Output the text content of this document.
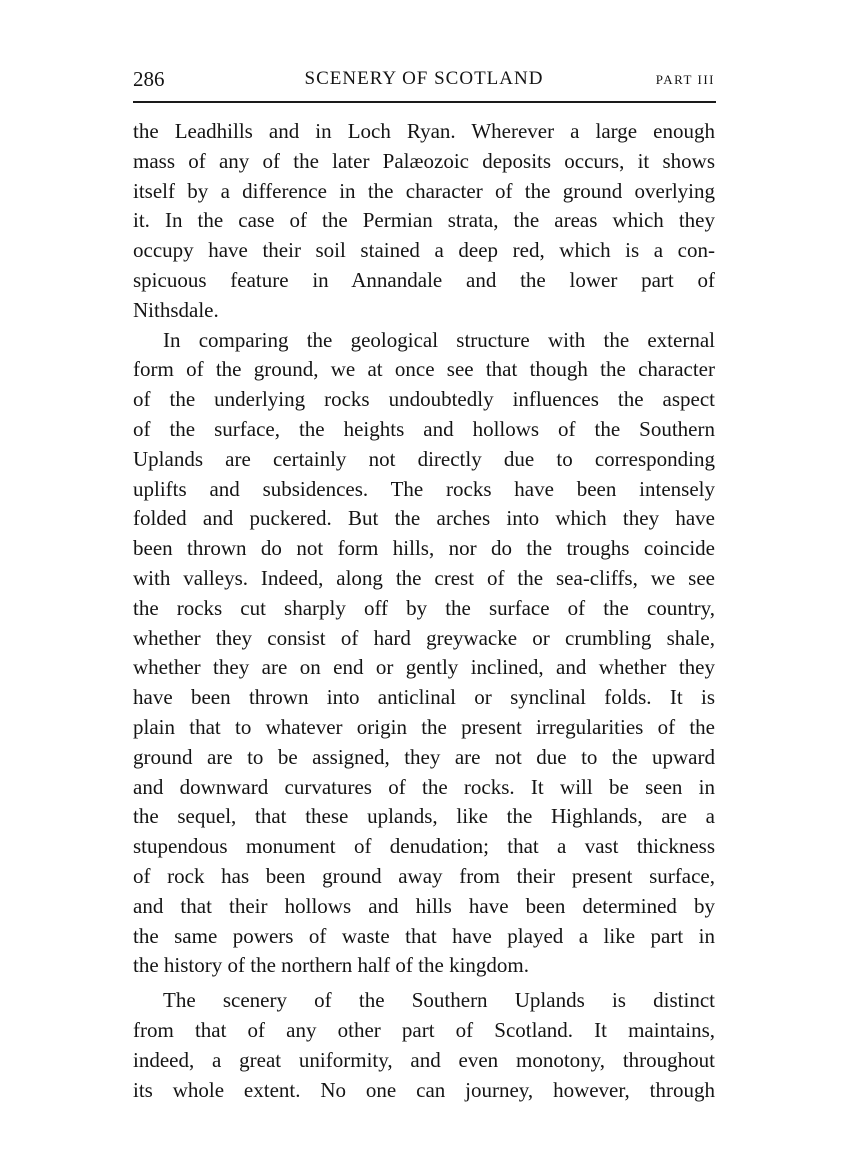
286	SCENERY OF SCOTLAND	PART III
the Leadhills and in Loch Ryan. Wherever a large enough
mass of any of the later Palæozoic deposits occurs, it shows
itself by a difference in the character of the ground overlying
it. In the case of the Permian strata, the areas which they
occupy have their soil stained a deep red, which is a con-
spicuous feature in Annandale and the lower part of
Nithsdale.
In comparing the geological structure with the external
form of the ground, we at once see that though the character
of the underlying rocks undoubtedly influences the aspect
of the surface, the heights and hollows of the Southern
Uplands are certainly not directly due to corresponding
uplifts and subsidences. The rocks have been intensely
folded and puckered. But the arches into which they have
been thrown do not form hills, nor do the troughs coincide
with valleys. Indeed, along the crest of the sea-cliffs, we see
the rocks cut sharply off by the surface of the country,
whether they consist of hard greywacke or crumbling shale,
whether they are on end or gently inclined, and whether they
have been thrown into anticlinal or synclinal folds. It is
plain that to whatever origin the present irregularities of the
ground are to be assigned, they are not due to the upward
and downward curvatures of the rocks. It will be seen in
the sequel, that these uplands, like the Highlands, are a
stupendous monument of denudation; that a vast thickness
of rock has been ground away from their present surface,
and that their hollows and hills have been determined by
the same powers of waste that have played a like part in
the history of the northern half of the kingdom.
The scenery of the Southern Uplands is distinct
from that of any other part of Scotland. It maintains,
indeed, a great uniformity, and even monotony, throughout
its whole extent. No one can journey, however, through
